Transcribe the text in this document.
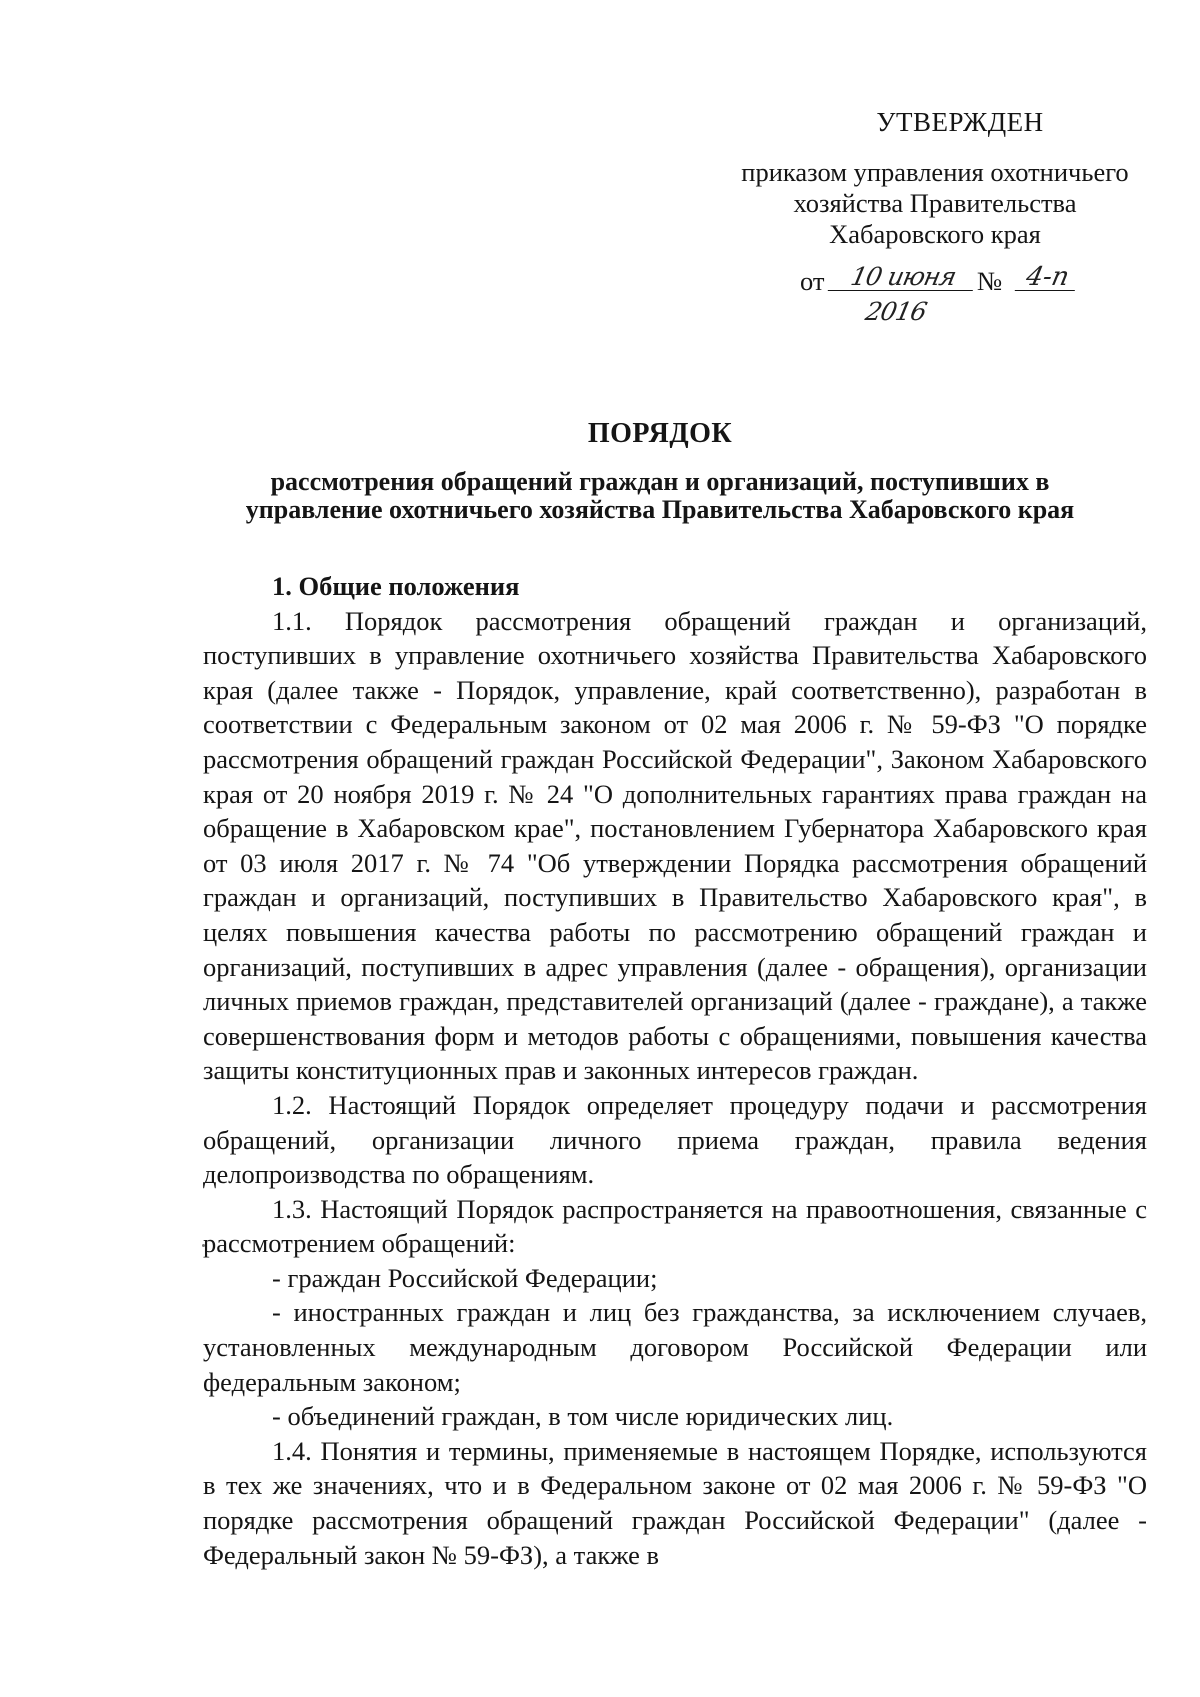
УТВЕРЖДЕН
приказом управления охотничьего
хозяйства Правительства
Хабаровского края
от 10 июня 2016
№ 4-п
ПОРЯДОК
рассмотрения обращений граждан и организаций, поступивших в
управление охотничьего хозяйства Правительства Хабаровского края
1. Общие положения

1.1. Порядок рассмотрения обращений граждан и организаций, поступивших в управление охотничьего хозяйства Правительства Хабаровского края (далее также - Порядок, управление, край соответственно), разработан в соответствии с Федеральным законом от 02 мая 2006 г. № 59-ФЗ "О порядке рассмотрения обращений граждан Российской Федерации", Законом Хабаровского края от 20 ноября 2019 г. № 24 "О дополнительных гарантиях права граждан на обращение в Хабаровском крае", постановлением Губернатора Хабаровского края от 03 июля 2017 г. № 74 "Об утверждении Порядка рассмотрения обращений граждан и организаций, поступивших в Правительство Хабаровского края", в целях повышения качества работы по рассмотрению обращений граждан и организаций, поступивших в адрес управления (далее - обращения), организации личных приемов граждан, представителей организаций (далее - граждане), а также совершенствования форм и методов работы с обращениями, повышения качества защиты конституционных прав и законных интересов граждан.

1.2. Настоящий Порядок определяет процедуру подачи и рассмотрения обращений, организации личного приема граждан, правила ведения делопроизводства по обращениям.

1.3. Настоящий Порядок распространяется на правоотношения, связанные с рассмотрением обращений:

- граждан Российской Федерации;

- иностранных граждан и лиц без гражданства, за исключением случаев, установленных международным договором Российской Федерации или федеральным законом;

- объединений граждан, в том числе юридических лиц.

1.4. Понятия и термины, применяемые в настоящем Порядке, используются в тех же значениях, что и в Федеральном законе от 02 мая 2006 г. № 59-ФЗ "О порядке рассмотрения обращений граждан Российской Федерации" (далее - Федеральный закон № 59-ФЗ), а также в
